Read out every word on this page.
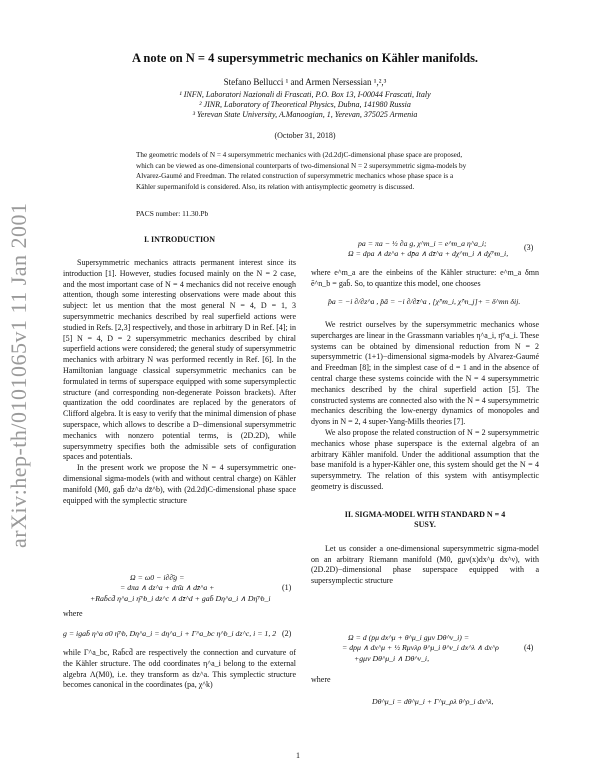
arXiv:hep-th/0101065v1 11 Jan 2001
A note on N = 4 supersymmetric mechanics on Kähler manifolds.
Stefano Bellucci ¹ and Armen Nersessian ¹,²,³
¹ INFN, Laboratori Nazionali di Frascati, P.O. Box 13, I-00044 Frascati, Italy
² JINR, Laboratory of Theoretical Physics, Dubna, 141980 Russia
³ Yerevan State University, A.Manoogian, 1, Yerevan, 375025 Armenia
(October 31, 2018)
The geometric models of N = 4 supersymmetric mechanics with (2d.2d)C-dimensional phase space are proposed, which can be viewed as one-dimensional counterparts of two-dimensional N = 2 supersymmetric sigma-models by Alvarez-Gaumé and Freedman. The related construction of supersymmetric mechanics whose phase space is a Kähler supermanifold is considered. Also, its relation with antisymplectic geometry is discussed.
PACS number: 11.30.Pb
I. INTRODUCTION

Supersymmetric mechanics attracts permanent interest since its introduction [1]. However, studies focused mainly on the N = 2 case, and the most important case of N = 4 mechanics did not receive enough attention, though some interesting observations were made about this subject: let us mention that the most general N = 4, D = 1, 3 supersymmetric mechanics described by real superfield actions were studied in Refs. [2,3] respectively, and those in arbitrary D in Ref. [4]; in [5] N = 4, D = 2 supersymmetric mechanics described by chiral superfield actions were considered; the general study of supersymmetric mechanics with arbitrary N was performed recently in Ref. [6]. In the Hamiltonian language classical supersymmetric mechanics can be formulated in terms of superspace equipped with some supersymplectic structure (and corresponding non-degenerate Poisson brackets). After quantization the odd coordinates are replaced by the generators of Clifford algebra. It is easy to verify that the minimal dimension of phase superspace, which allows to describe a D−dimensional supersymmetric mechanics with nonzero potential terms, is (2D.2D), while supersymmetry specifies both the admissible sets of configuration spaces and potentials.

In the present work we propose the N = 4 supersymmetric one-dimensional sigma-models (with and without central charge) on Kähler manifold (M0, gab̄ dz^a dz̄^b), with (2d.2d)C-dimensional phase space equipped with the symplectic structure

Ω = ω0 − i∂∂̄g =
= dπa ∧ dz^a + dπ̄a ∧ dz̄^a +
+Rab̄cd̄ η^a_i η̄^b_i dz^c ∧ dz̄^d + gab̄ Dη^a_i ∧ Dη̄^b_i
(1)
where
g = igab̄ η^a σ0 η̄^b, Dη^a_i = dη^a_i + Γ^a_bc η^b_i dz^c, i = 1, 2 (2)

while Γ^a_bc, Rab̄cd̄ are respectively the connection and curvature of the Kähler structure. The odd coordinates η^a_i belong to the external algebra Λ(M0), i.e. they transform as dz^a. This symplectic structure becomes canonical in the coordinates (pa, χ^k)

pa = πa − ½ ∂a g, χ^m_i = e^m_a η^a_i;
Ω = dpa ∧ dz^a + dp̄a ∧ dz̄^a + dχ^m_i ∧ dχ̄^m_i,
(3)

where e^m_a are the einbeins of the Kähler structure: e^m_a δmn ē^n_b = gab̄. So, to quantize this model, one chooses

p̂a = −i ∂/∂z^a , p̂ā = −i ∂/∂z̄^a , [χ̂^m_i, χ̂^n_j]+ = δ^mn δij.

We restrict ourselves by the supersymmetric mechanics whose supercharges are linear in the Grassmann variables η^a_i, η̄^a_i. These systems can be obtained by dimensional reduction from N = 2 supersymmetric (1+1)−dimensional sigma-models by Alvarez-Gaumé and Freedman [8]; in the simplest case of d = 1 and in the absence of central charge these systems coincide with the N = 4 supersymmetric mechanics described by the chiral superfield action [5]. The constructed systems are connected also with the N = 4 supersymmetric mechanics describing the low-energy dynamics of monopoles and dyons in N = 2, 4 super-Yang-Mills theories [7].

We also propose the related construction of N = 2 supersymmetric mechanics whose phase superspace is the external algebra of an arbitrary Kähler manifold. Under the additional assumption that the base manifold is a hyper-Kähler one, this system should get the N = 4 supersymmetry. The relation of this system with antisymplectic geometry is discussed.

II. SIGMA-MODEL WITH STANDARD N = 4
SUSY.

Let us consider a one-dimensional supersymmetric sigma-model on an arbitrary Riemann manifold (M0, gμν(x)dx^μ dx^ν), with (2D.2D)−dimensional phase superspace equipped with a supersymplectic structure

Ω = d (pμ dx^μ + θ^μ_i gμν Dθ^ν_i) =
= dpμ ∧ dx^μ + ½ Rμνλρ θ^μ_i θ^ν_i dx^λ ∧ dx^ρ
+gμν Dθ^μ_i ∧ Dθ^ν_i,
(4)
where
Dθ^μ_i = dθ^μ_i + Γ^μ_ρλ θ^ρ_i dx^λ,
1
